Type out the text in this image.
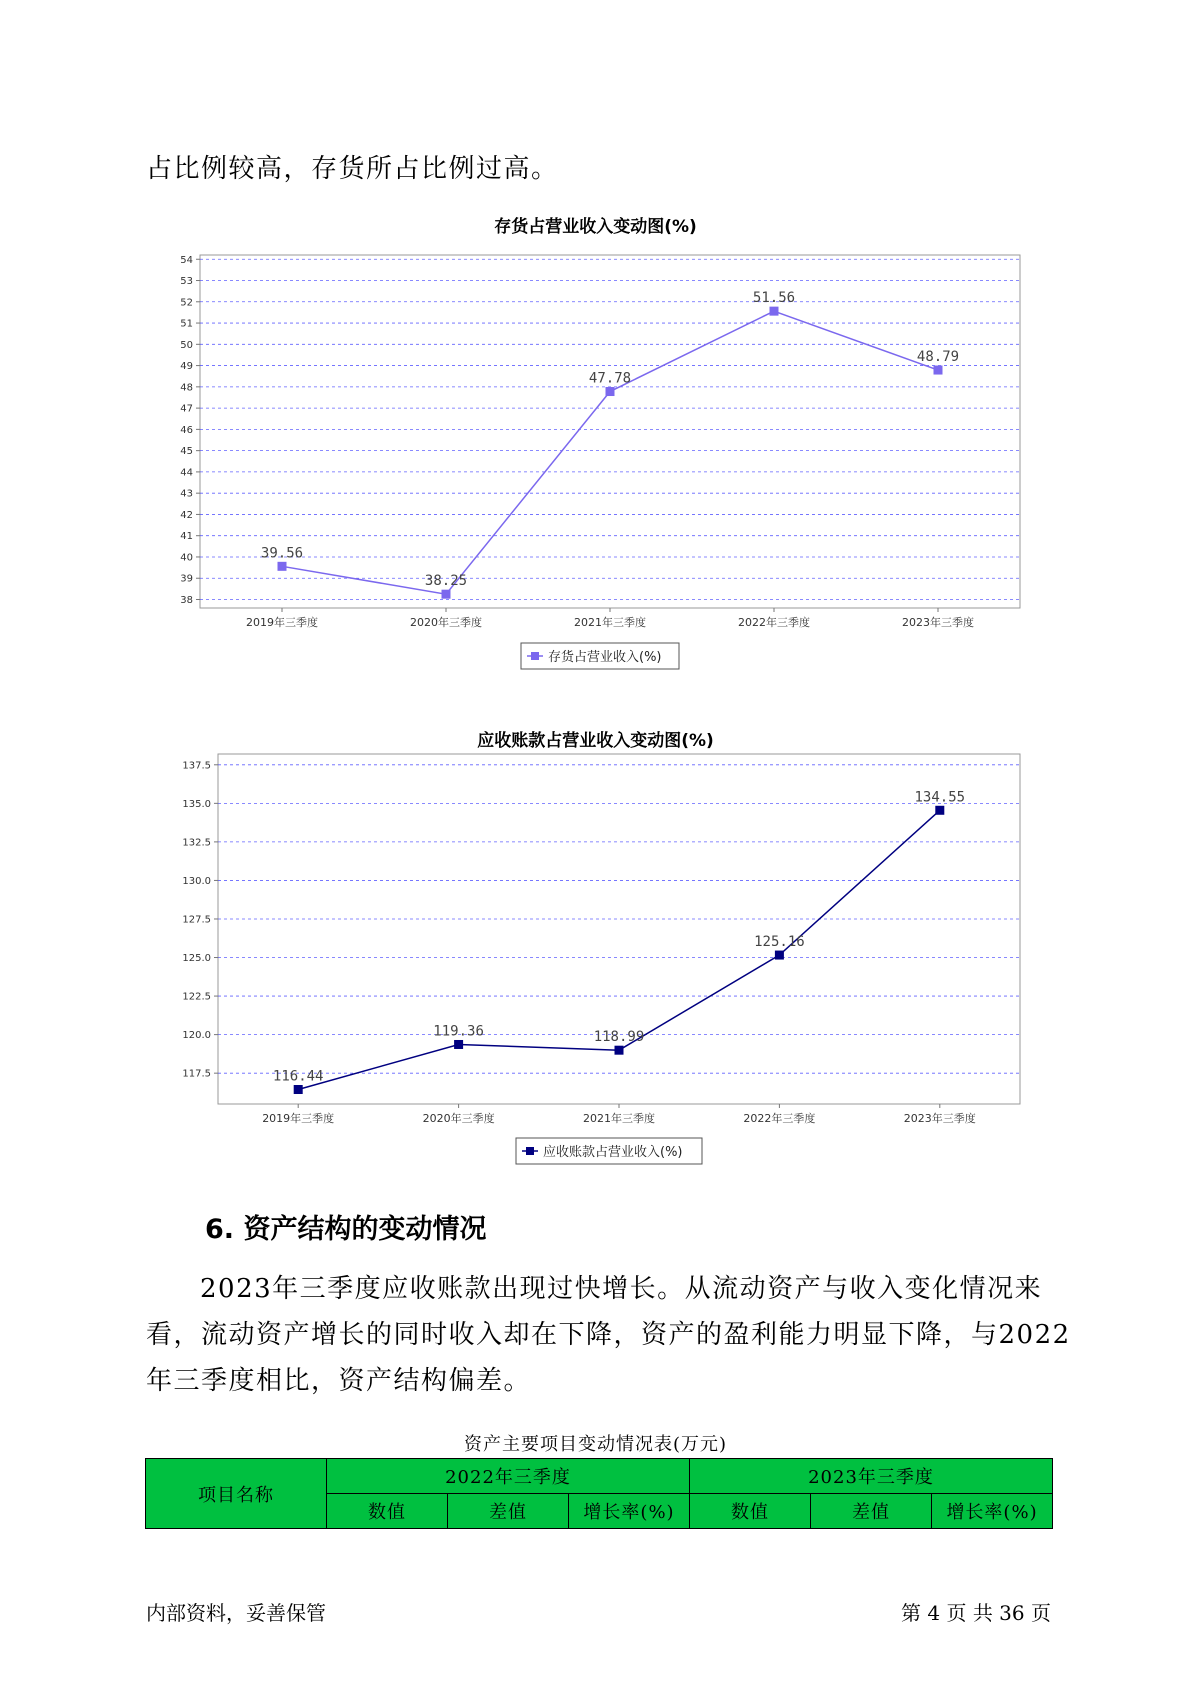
占比例较高，存货所占比例过高。
存货占营业收入变动图(%)
38
39
40
41
42
43
44
45
46
47
48
49
50
51
52
53
54
2019年三季度	2020年三季度	2021年三季度	2022年三季度	2023年三季度
39.56
38.25
47.78
51.56
48.79
存货占营业收入(%)
应收账款占营业收入变动图(%)
117.5
120.0
122.5
125.0
127.5
130.0
132.5
135.0
137.5
2019年三季度	2020年三季度	2021年三季度	2022年三季度	2023年三季度
116.44
119.36	118.99
125.16
134.55
应收账款占营业收入(%)
6. 资产结构的变动情况
2023年三季度应收账款出现过快增长。从流动资产与收入变化情况来
看，流动资产增长的同时收入却在下降，资产的盈利能力明显下降，与2022
年三季度相比，资产结构偏差。
资产主要项目变动情况表(万元)
项目名称	2022年三季度			2023年三季度		
	数值	差值	增长率(%)	数值	差值	增长率(%)
内部资料，妥善保管	第 4 页 共 36 页
